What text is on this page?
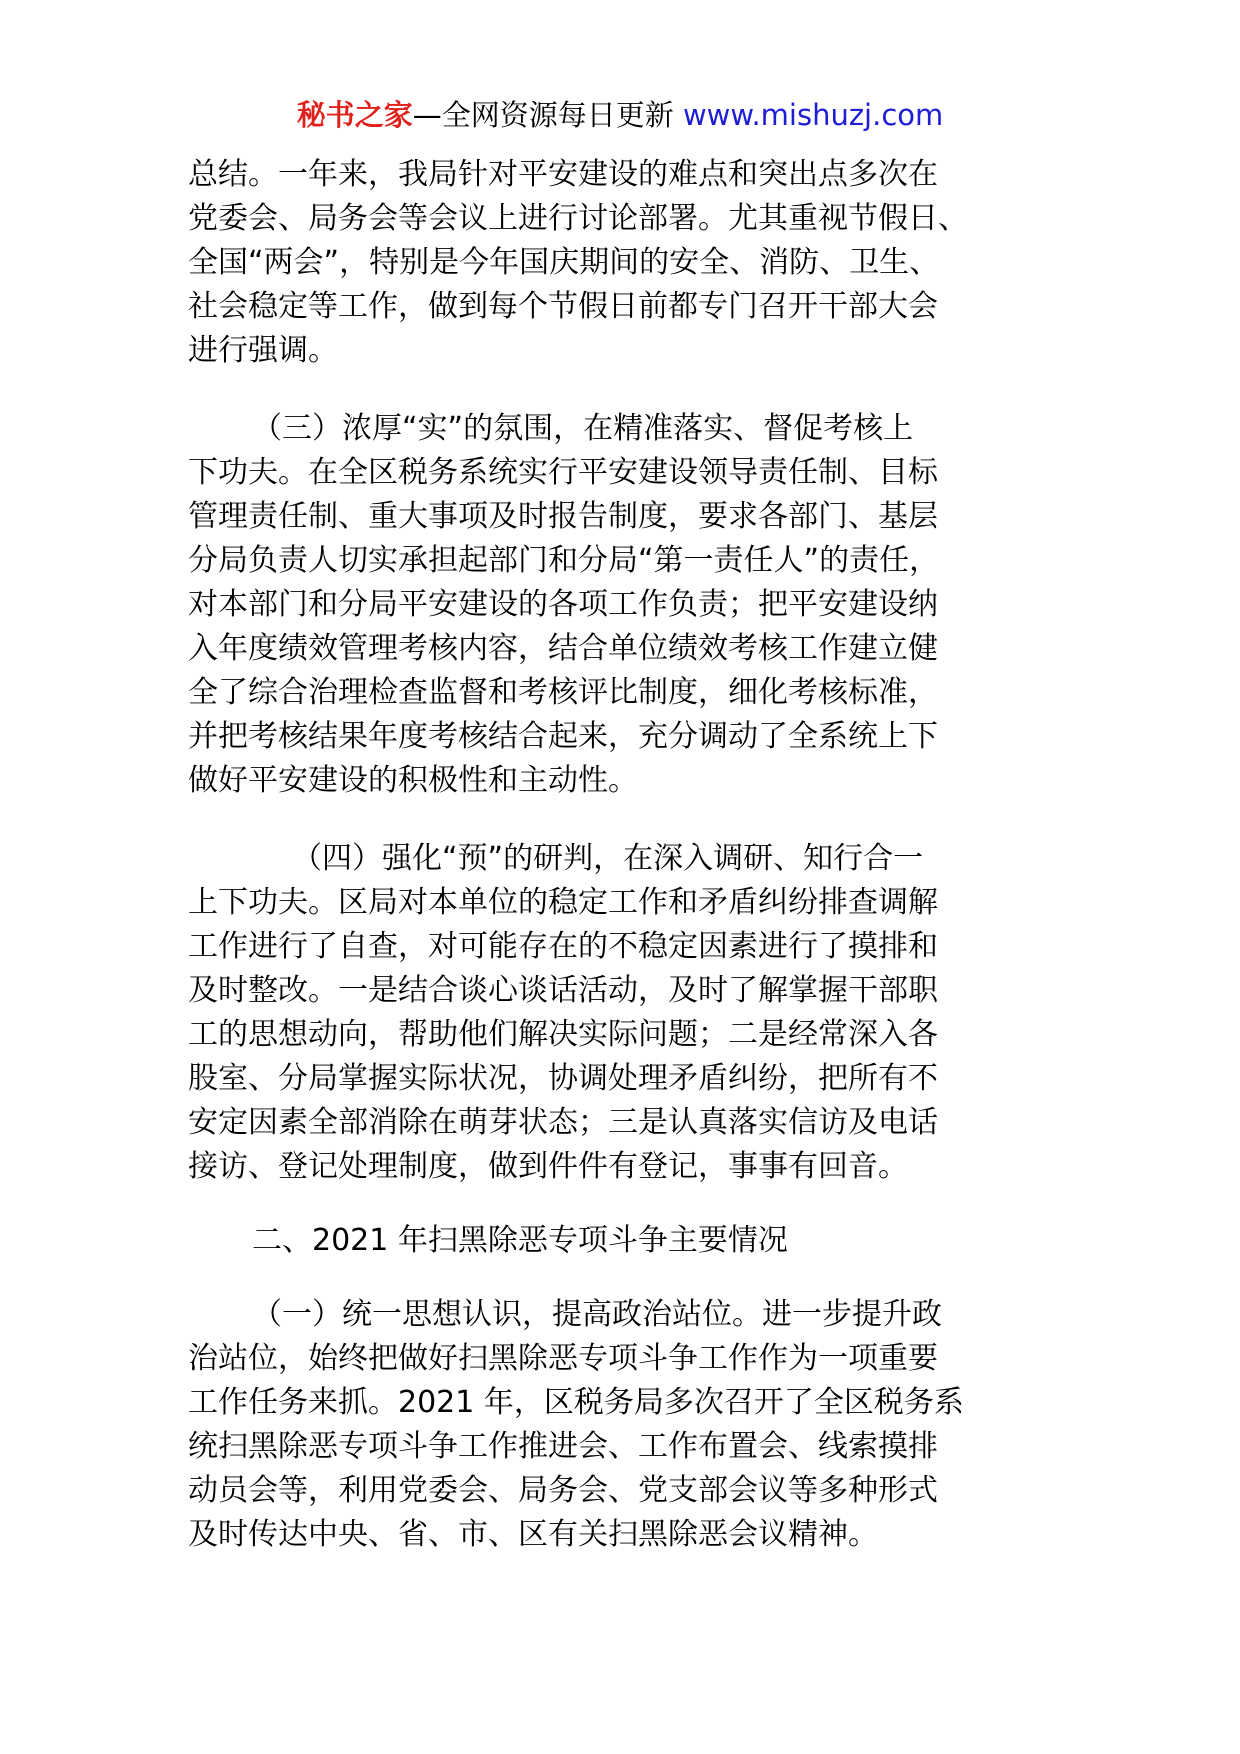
秘书之家—全网资源每日更新 www.mishuzj.com

总结。一年来，我局针对平安建设的难点和突出点多次在

党委会、局务会等会议上进行讨论部署。尤其重视节假日、

全国“两会”，特别是今年国庆期间的安全、消防、卫生、

社会稳定等工作，做到每个节假日前都专门召开干部大会

进行强调。

（三）浓厚“实”的氛围，在精准落实、督促考核上

下功夫。在全区税务系统实行平安建设领导责任制、目标

管理责任制、重大事项及时报告制度，要求各部门、基层

分局负责人切实承担起部门和分局“第一责任人”的责任，

对本部门和分局平安建设的各项工作负责；把平安建设纳

入年度绩效管理考核内容，结合单位绩效考核工作建立健

全了综合治理检查监督和考核评比制度，细化考核标准，

并把考核结果年度考核结合起来，充分调动了全系统上下

做好平安建设的积极性和主动性。

（四）强化“预”的研判，在深入调研、知行合一

上下功夫。区局对本单位的稳定工作和矛盾纠纷排查调解

工作进行了自查，对可能存在的不稳定因素进行了摸排和

及时整改。一是结合谈心谈话活动，及时了解掌握干部职

工的思想动向，帮助他们解决实际问题；二是经常深入各

股室、分局掌握实际状况，协调处理矛盾纠纷，把所有不

安定因素全部消除在萌芽状态；三是认真落实信访及电话

接访、登记处理制度，做到件件有登记，事事有回音。

二、2021 年扫黑除恶专项斗争主要情况

（一）统一思想认识，提高政治站位。进一步提升政

治站位，始终把做好扫黑除恶专项斗争工作作为一项重要

工作任务来抓。2021 年，区税务局多次召开了全区税务系

统扫黑除恶专项斗争工作推进会、工作布置会、线索摸排

动员会等，利用党委会、局务会、党支部会议等多种形式

及时传达中央、省、市、区有关扫黑除恶会议精神。
